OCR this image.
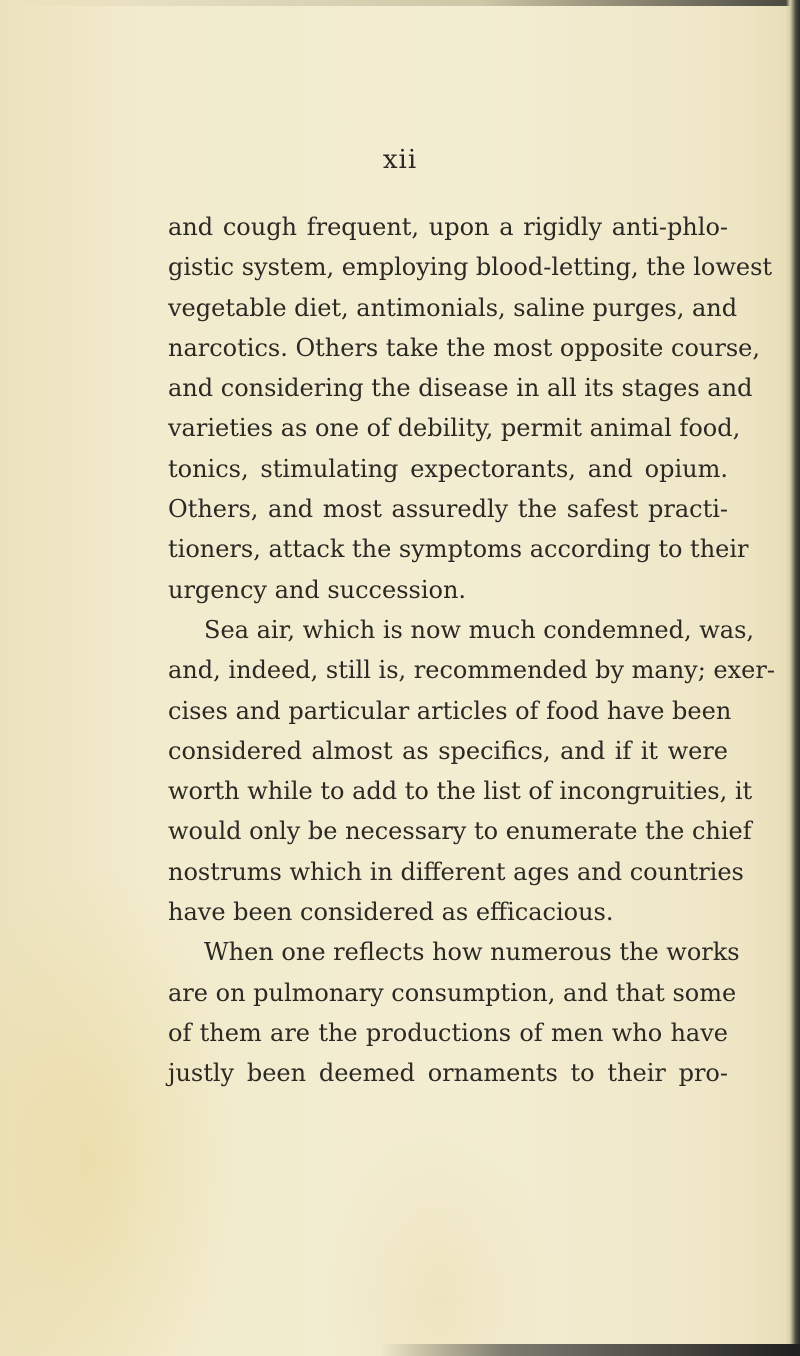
xii
and cough frequent, upon a rigidly anti-phlo-
gistic system, employing blood-letting, the lowest
vegetable diet, antimonials, saline purges, and
narcotics. Others take the most opposite course,
and considering the disease in all its stages and
varieties as one of debility, permit animal food,
tonics, stimulating expectorants, and opium.
Others, and most assuredly the safest practi-
tioners, attack the symptoms according to their
urgency and succession.
Sea air, which is now much condemned, was,
and, indeed, still is, recommended by many; exer-
cises and particular articles of food have been
considered almost as specifics, and if it were
worth while to add to the list of incongruities, it
would only be necessary to enumerate the chief
nostrums which in different ages and countries
have been considered as efficacious.
When one reflects how numerous the works
are on pulmonary consumption, and that some
of them are the productions of men who have
justly been deemed ornaments to their pro-
